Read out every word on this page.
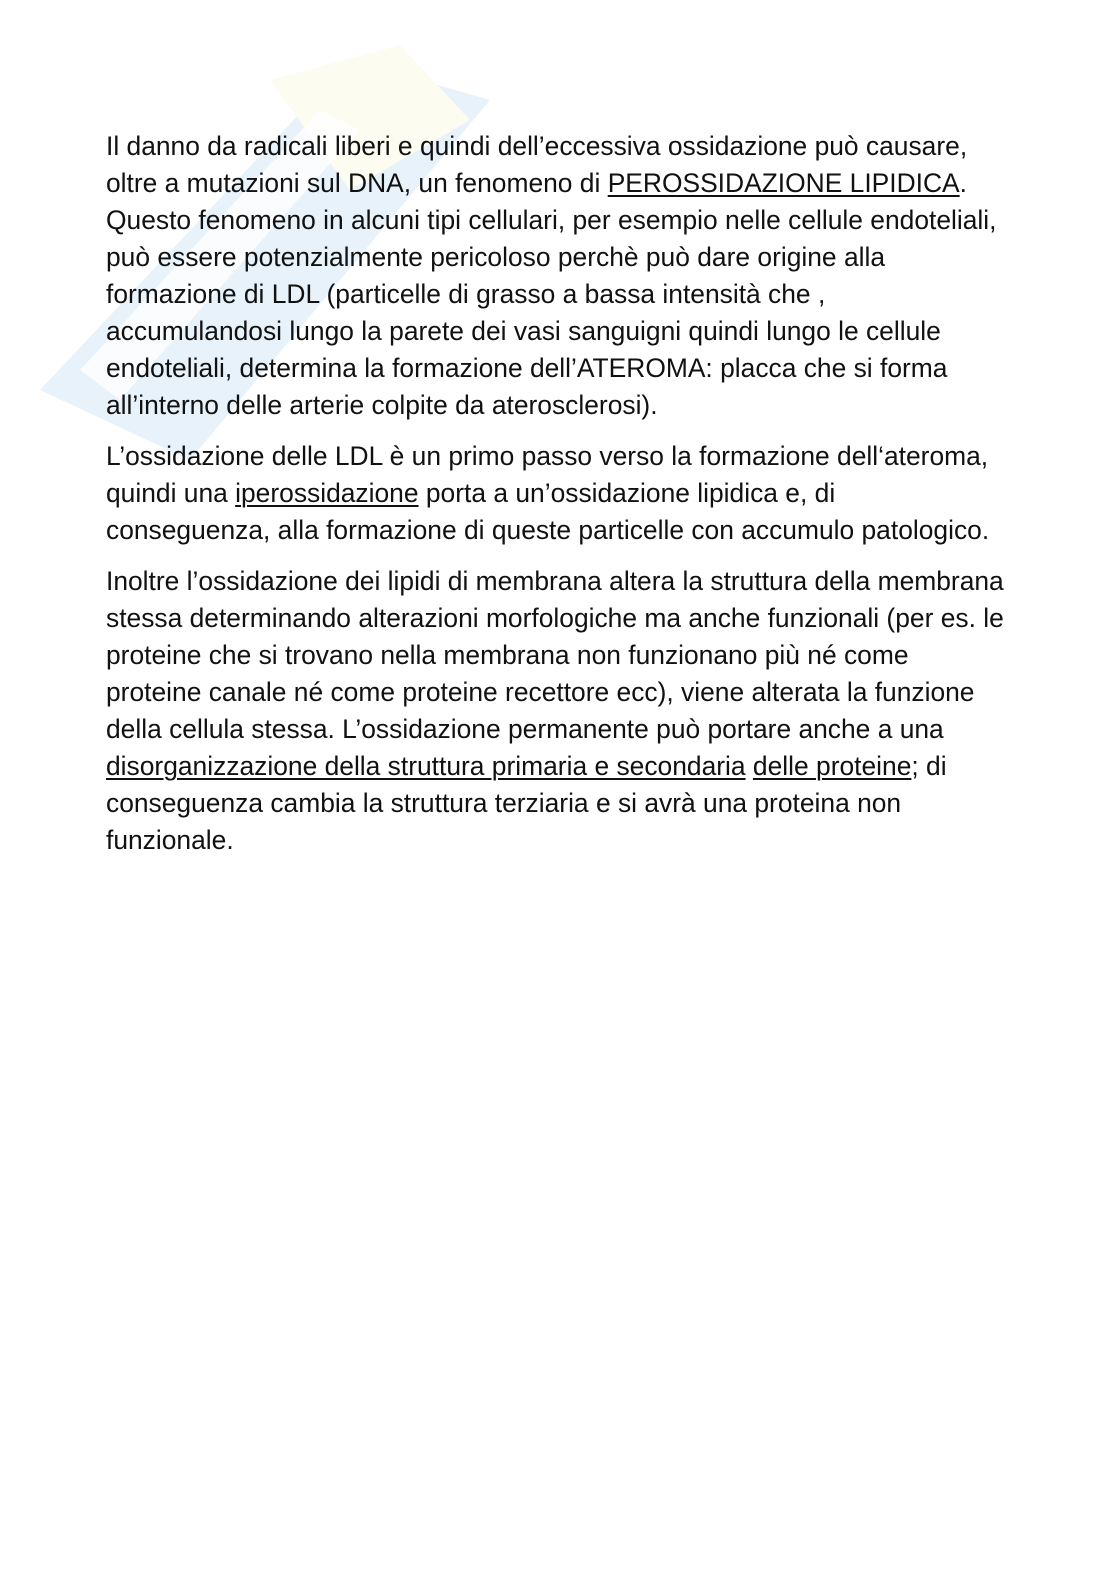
Il danno da radicali liberi e quindi dell’eccessiva ossidazione può causare, oltre a mutazioni sul DNA, un fenomeno di PEROSSIDAZIONE LIPIDICA. Questo fenomeno in alcuni tipi cellulari, per esempio nelle cellule endoteliali, può essere potenzialmente pericoloso perchè può dare origine alla formazione di LDL (particelle di grasso a bassa intensità che , accumulandosi lungo la parete dei vasi sanguigni quindi lungo le cellule endoteliali, determina la formazione dell’ATEROMA: placca che si forma all’interno delle arterie colpite da aterosclerosi).

L’ossidazione delle LDL è un primo passo verso la formazione dell‘ateroma, quindi una iperossidazione porta a un’ossidazione lipidica e, di conseguenza, alla formazione di queste particelle con accumulo patologico.

Inoltre l’ossidazione dei lipidi di membrana altera la struttura della membrana stessa determinando alterazioni morfologiche ma anche funzionali (per es. le proteine che si trovano nella membrana non funzionano più né come proteine canale né come proteine recettore ecc), viene alterata la funzione della cellula stessa. L’ossidazione permanente può portare anche a una disorganizzazione della struttura primaria e secondaria delle proteine; di conseguenza cambia la struttura terziaria e si avrà una proteina non funzionale.
